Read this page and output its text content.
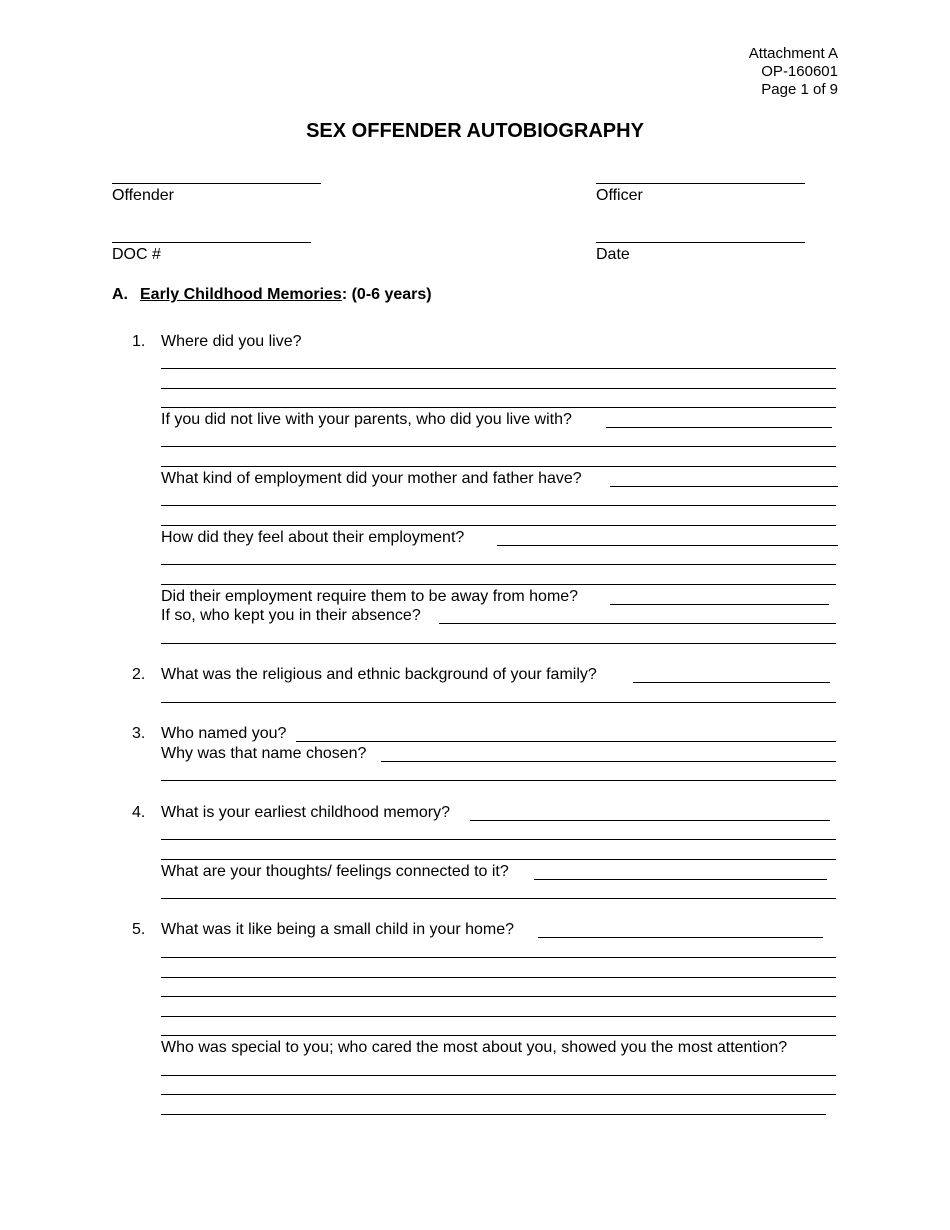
Attachment A
OP-160601
Page 1 of 9
SEX OFFENDER AUTOBIOGRAPHY
Offender	Officer
DOC #	Date
A. Early Childhood Memories: (0-6 years)
1. Where did you live?
If you did not live with your parents, who did you live with?
What kind of employment did your mother and father have?
How did they feel about their employment?
Did their employment require them to be away from home?
If so, who kept you in their absence?
2. What was the religious and ethnic background of your family?
3. Who named you?
Why was that name chosen?
4. What is your earliest childhood memory?
What are your thoughts/ feelings connected to it?
5. What was it like being a small child in your home?
Who was special to you; who cared the most about you, showed you the most attention?
